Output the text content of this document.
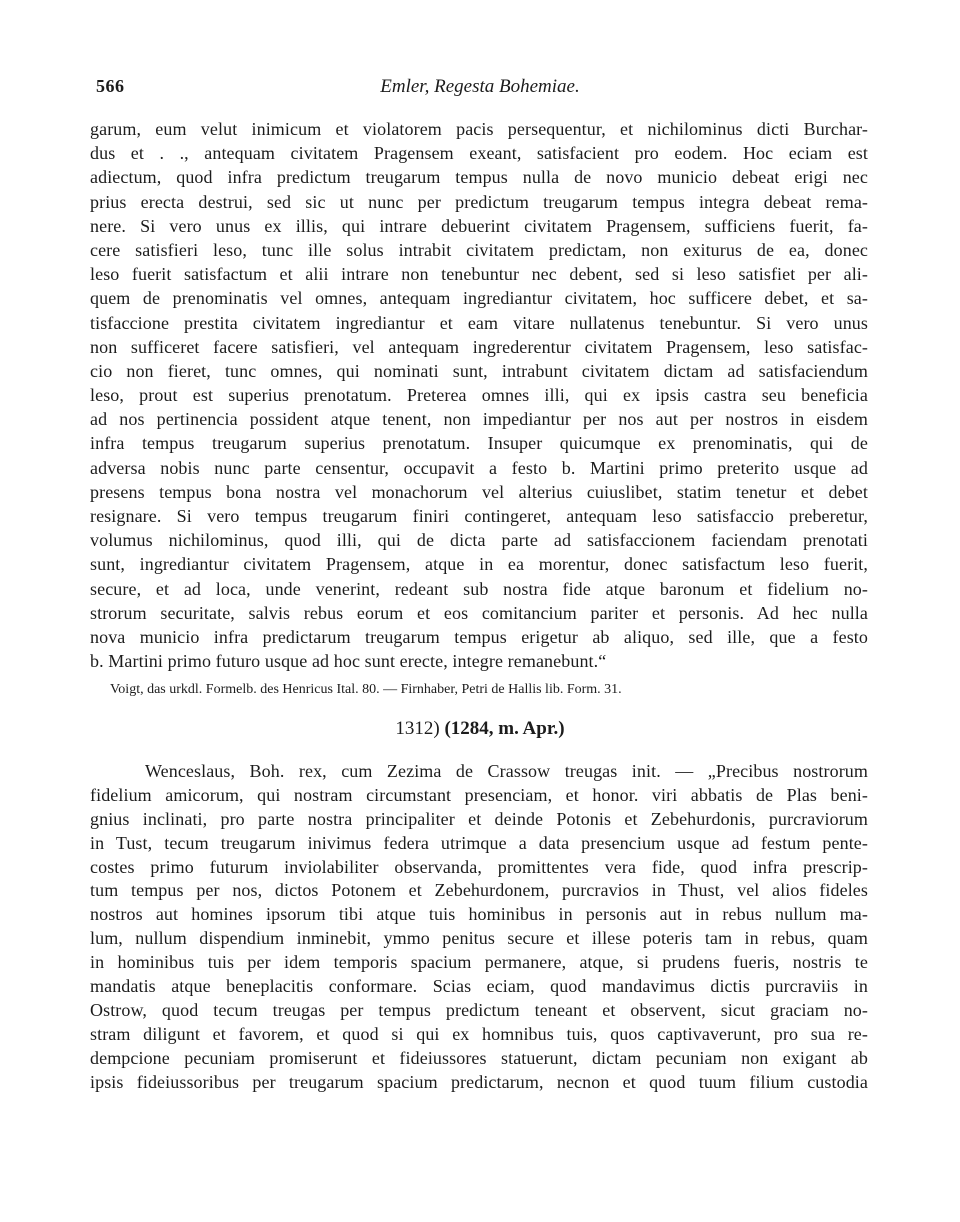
566	Emler, Regesta Bohemiae.
garum, eum velut inimicum et violatorem pacis persequentur, et nichilominus dicti Burchar-
dus et . ., antequam civitatem Pragensem exeant, satisfacient pro eodem. Hoc eciam est
adiectum, quod infra predictum treugarum tempus nulla de novo municio debeat erigi nec
prius erecta destrui, sed sic ut nunc per predictum treugarum tempus integra debeat rema-
nere. Si vero unus ex illis, qui intrare debuerint civitatem Pragensem, sufficiens fuerit, fa-
cere satisfieri leso, tunc ille solus intrabit civitatem predictam, non exiturus de ea, donec
leso fuerit satisfactum et alii intrare non tenebuntur nec debent, sed si leso satisfiet per ali-
quem de prenominatis vel omnes, antequam ingrediantur civitatem, hoc sufficere debet, et sa-
tisfaccione prestita civitatem ingrediantur et eam vitare nullatenus tenebuntur. Si vero unus
non sufficeret facere satisfieri, vel antequam ingrederentur civitatem Pragensem, leso satisfac-
cio non fieret, tunc omnes, qui nominati sunt, intrabunt civitatem dictam ad satisfaciendum
leso, prout est superius prenotatum. Preterea omnes illi, qui ex ipsis castra seu beneficia
ad nos pertinencia possident atque tenent, non impediantur per nos aut per nostros in eisdem
infra tempus treugarum superius prenotatum. Insuper quicumque ex prenominatis, qui de
adversa nobis nunc parte censentur, occupavit a festo b. Martini primo preterito usque ad
presens tempus bona nostra vel monachorum vel alterius cuiuslibet, statim tenetur et debet
resignare. Si vero tempus treugarum finiri contingeret, antequam leso satisfaccio preberetur,
volumus nichilominus, quod illi, qui de dicta parte ad satisfaccionem faciendam prenotati
sunt, ingrediantur civitatem Pragensem, atque in ea morentur, donec satisfactum leso fuerit,
secure, et ad loca, unde venerint, redeant sub nostra fide atque baronum et fidelium no-
strorum securitate, salvis rebus eorum et eos comitancium pariter et personis. Ad hec nulla
nova municio infra predictarum treugarum tempus erigetur ab aliquo, sed ille, que a festo
b. Martini primo futuro usque ad hoc sunt erecte, integre remanebunt.“
Voigt, das urkdl. Formelb. des Henricus Ital. 80. — Firnhaber, Petri de Hallis lib. Form. 31.
1312) (1284, m. Apr.)
Wenceslaus, Boh. rex, cum Zezima de Crassow treugas init. — „Precibus nostrorum
fidelium amicorum, qui nostram circumstant presenciam, et honor. viri abbatis de Plas beni-
gnius inclinati, pro parte nostra principaliter et deinde Potonis et Zebehurdonis, purcraviorum
in Tust, tecum treugarum inivimus federa utrimque a data presencium usque ad festum pente-
costes primo futurum inviolabiliter observanda, promittentes vera fide, quod infra prescrip-
tum tempus per nos, dictos Potonem et Zebehurdonem, purcravios in Thust, vel alios fideles
nostros aut homines ipsorum tibi atque tuis hominibus in personis aut in rebus nullum ma-
lum, nullum dispendium inminebit, ymmo penitus secure et illese poteris tam in rebus, quam
in hominibus tuis per idem temporis spacium permanere, atque, si prudens fueris, nostris te
mandatis atque beneplacitis conformare. Scias eciam, quod mandavimus dictis purcraviis in
Ostrow, quod tecum treugas per tempus predictum teneant et observent, sicut graciam no-
stram diligunt et favorem, et quod si qui ex homnibus tuis, quos captivaverunt, pro sua re-
dempcione pecuniam promiserunt et fideiussores statuerunt, dictam pecuniam non exigant ab
ipsis fideiussoribus per treugarum spacium predictarum, necnon et quod tuum filium custodia
